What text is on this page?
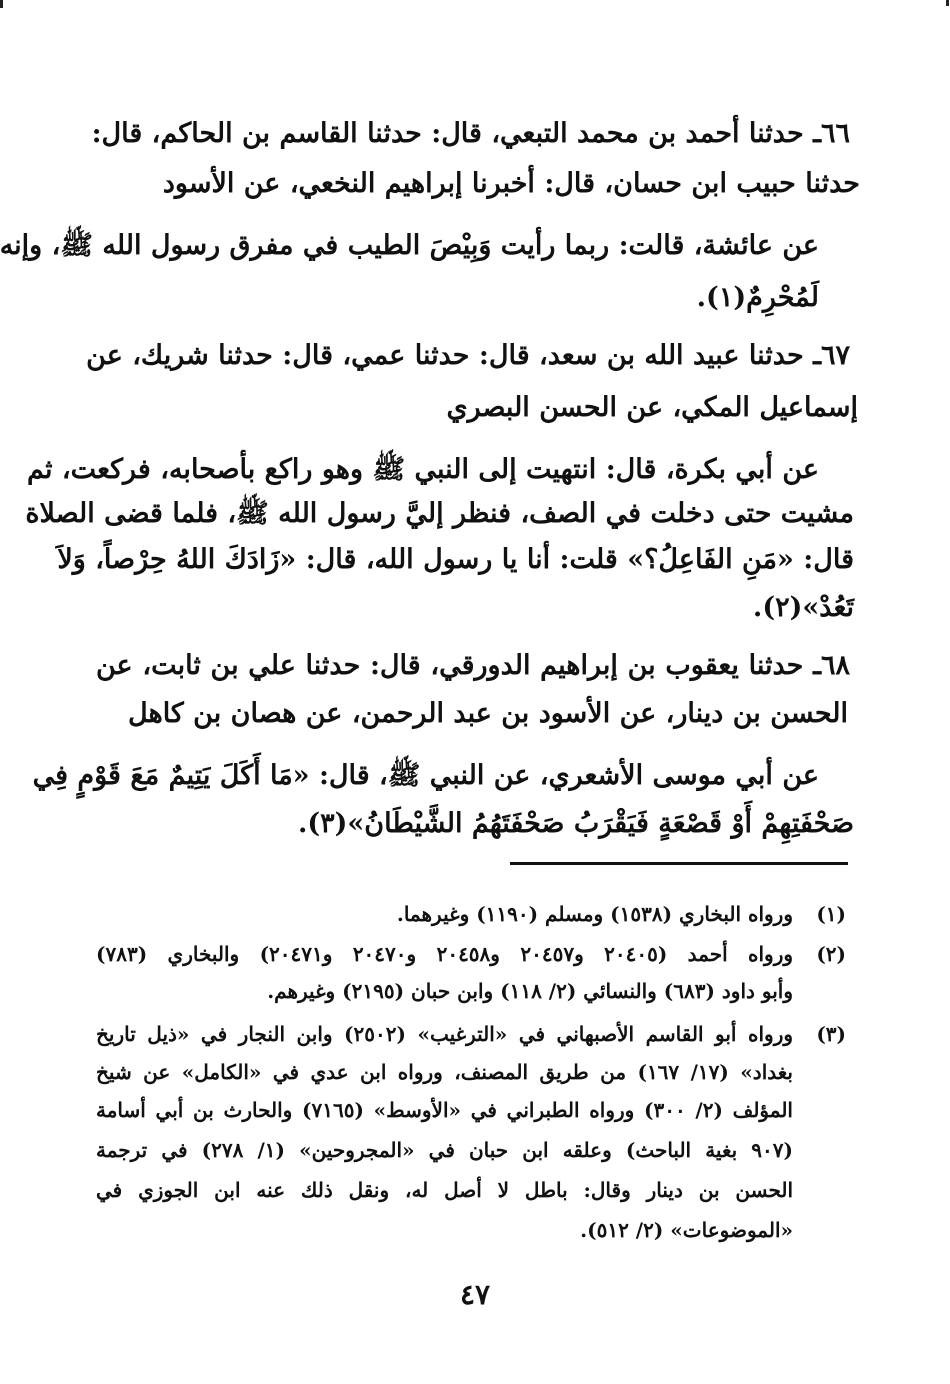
٦٦ـ حدثنا أحمد بن محمد التبعي، قال: حدثنا القاسم بن الحاكم، قال:
حدثنا حبيب ابن حسان، قال: أخبرنا إبراهيم النخعي، عن الأسود
عن عائشة، قالت: ربما رأيت وَبِيْصَ الطيب في مفرق رسول الله ﷺ، وإنه
لَمُحْرِمٌ(١).
٦٧ـ حدثنا عبيد الله بن سعد، قال: حدثنا عمي، قال: حدثنا شريك، عن
إسماعيل المكي، عن الحسن البصري
عن أبي بكرة، قال: انتهيت إلى النبي ﷺ وهو راكع بأصحابه، فركعت، ثم
مشيت حتى دخلت في الصف، فنظر إليَّ رسول الله ﷺ، فلما قضى الصلاة
قال: «مَنِ الفَاعِلُ؟» قلت: أنا يا رسول الله، قال: «زَادَكَ اللهُ حِرْصاً، وَلاَ
تَعُدْ»(٢).
٦٨ـ حدثنا يعقوب بن إبراهيم الدورقي، قال: حدثنا علي بن ثابت، عن
الحسن بن دينار، عن الأسود بن عبد الرحمن، عن هصان بن كاهل
عن أبي موسى الأشعري، عن النبي ﷺ، قال: «مَا أَكَلَ يَتِيمٌ مَعَ قَوْمٍ فِي
صَحْفَتِهِمْ أَوْ قَصْعَةٍ فَيَقْرَبُ صَحْفَتَهُمُ الشَّيْطَانُ»(٣).
(١)
ورواه البخاري (١٥٣٨) ومسلم (١١٩٠) وغيرهما.
(٢)
ورواه أحمد (٢٠٤٠٥ و٢٠٤٥٧ و٢٠٤٥٨ و٢٠٤٧٠ و٢٠٤٧١) والبخاري (٧٨٣)
وأبو داود (٦٨٣) والنسائي (٢/ ١١٨) وابن حبان (٢١٩٥) وغيرهم.
(٣)
ورواه أبو القاسم الأصبهاني في «الترغيب» (٢٥٠٢) وابن النجار في «ذيل تاريخ
بغداد» (١٧/ ١٦٧) من طريق المصنف، ورواه ابن عدي في «الكامل» عن شيخ
المؤلف (٢/ ٣٠٠) ورواه الطبراني في «الأوسط» (٧١٦٥) والحارث بن أبي أسامة
(٩٠٧ بغية الباحث) وعلقه ابن حبان في «المجروحين» (١/ ٢٧٨) في ترجمة
الحسن بن دينار وقال: باطل لا أصل له، ونقل ذلك عنه ابن الجوزي في
«الموضوعات» (٢/ ٥١٢).
٤٧
